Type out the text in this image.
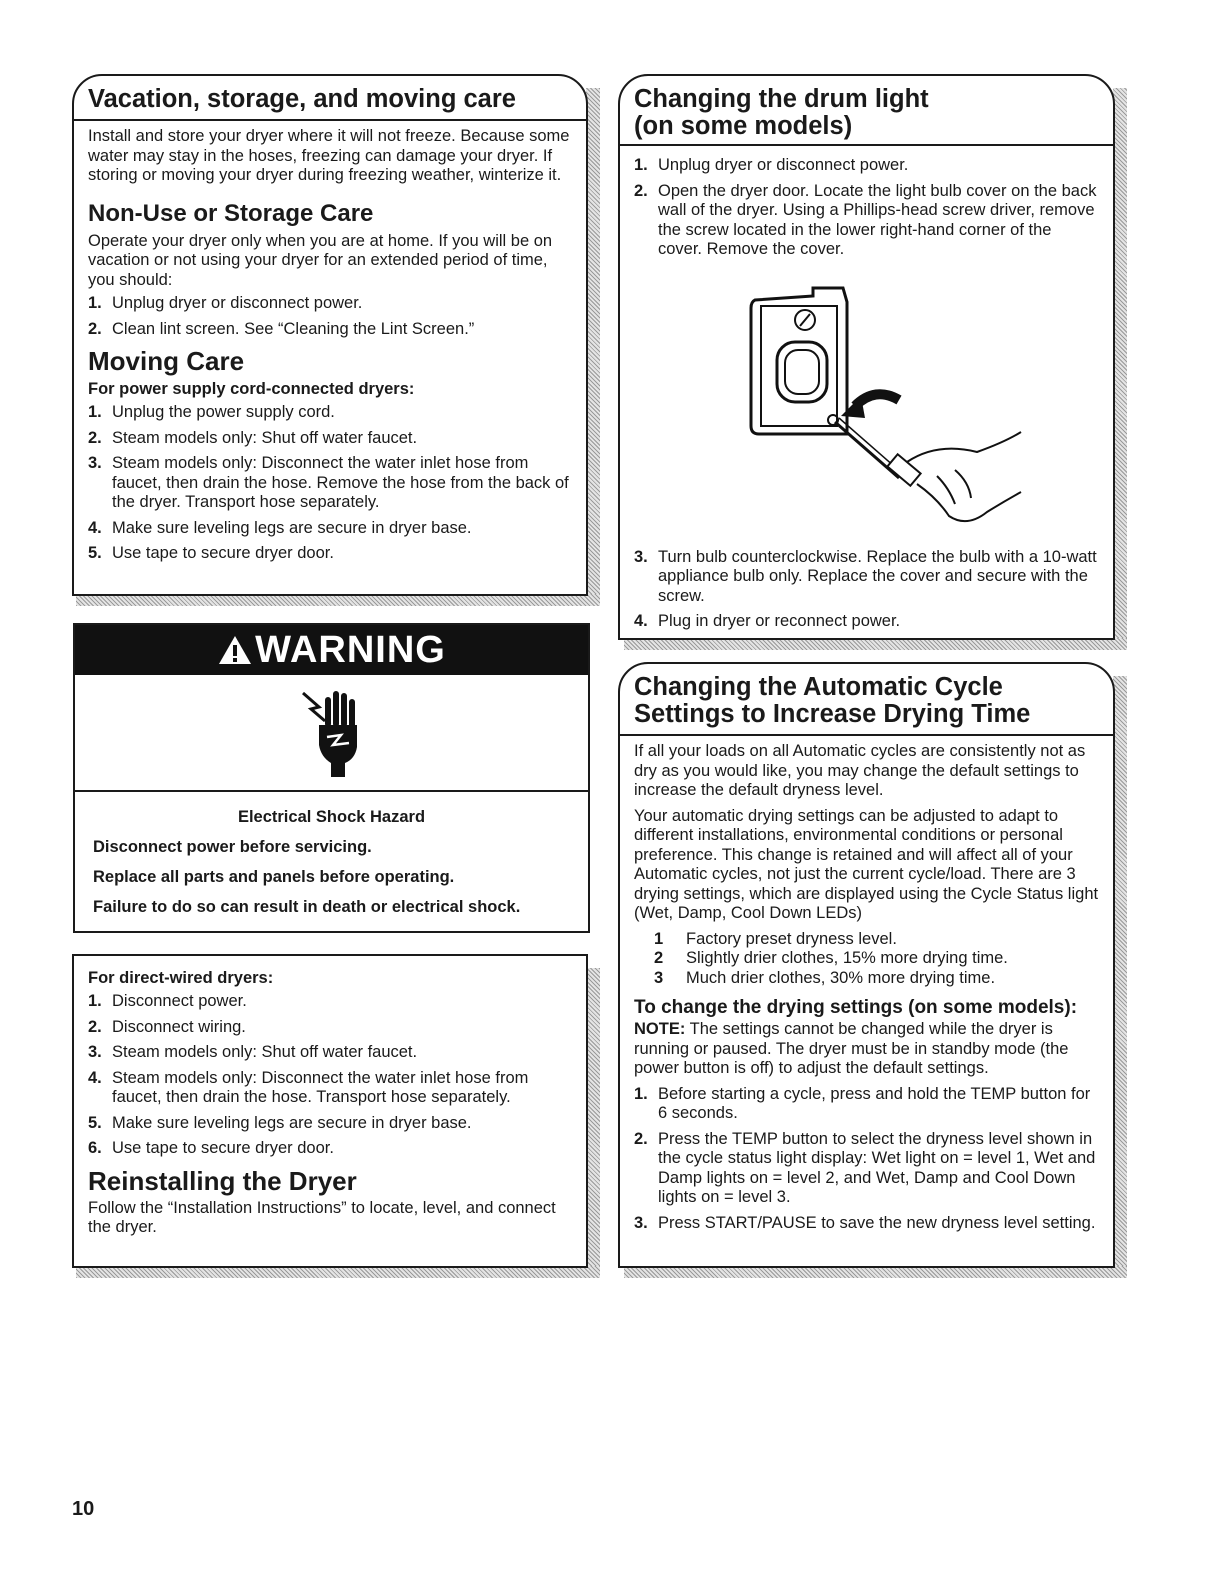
Vacation, storage, and moving care

Install and store your dryer where it will not freeze. Because some water may stay in the hoses, freezing can damage your dryer. If storing or moving your dryer during freezing weather, winterize it.

Non-Use or Storage Care

Operate your dryer only when you are at home. If you will be on vacation or not using your dryer for an extended period of time, you should:

1. Unplug dryer or disconnect power.
2. Clean lint screen. See “Cleaning the Lint Screen.”
Moving Care
For power supply cord-connected dryers:
1. Unplug the power supply cord.
2. Steam models only: Shut off water faucet.
3. Steam models only: Disconnect the water inlet hose from faucet, then drain the hose. Remove the hose from the back of the dryer. Transport hose separately.
4. Make sure leveling legs are secure in dryer base.
5. Use tape to secure dryer door.
WARNING
Electrical Shock Hazard
Disconnect power before servicing.
Replace all parts and panels before operating.
Failure to do so can result in death or electrical shock.
For direct-wired dryers:
1. Disconnect power.
2. Disconnect wiring.
3. Steam models only: Shut off water faucet.
4. Steam models only: Disconnect the water inlet hose from faucet, then drain the hose. Transport hose separately.
5. Make sure leveling legs are secure in dryer base.
6. Use tape to secure dryer door.
Reinstalling the Dryer

Follow the “Installation Instructions” to locate, level, and connect the dryer.

Changing the drum light
(on some models)
1. Unplug dryer or disconnect power.
2. Open the dryer door. Locate the light bulb cover on the back wall of the dryer. Using a Phillips-head screw driver, remove the screw located in the lower right-hand corner of the cover. Remove the cover.
3. Turn bulb counterclockwise. Replace the bulb with a 10-watt appliance bulb only. Replace the cover and secure with the screw.
4. Plug in dryer or reconnect power.
Changing the Automatic Cycle
Settings to Increase Drying Time

If all your loads on all Automatic cycles are consistently not as dry as you would like, you may change the default settings to increase the default dryness level.

Your automatic drying settings can be adjusted to adapt to different installations, environmental conditions or personal preference. This change is retained and will affect all of your Automatic cycles, not just the current cycle/load. There are 3 drying settings, which are displayed using the Cycle Status light (Wet, Damp, Cool Down LEDs)

1	Factory preset dryness level.
2	Slightly drier clothes, 15% more drying time.
3	Much drier clothes, 30% more drying time.
To change the drying settings (on some models):

NOTE: The settings cannot be changed while the dryer is running or paused. The dryer must be in standby mode (the power button is off) to adjust the default settings.

1. Before starting a cycle, press and hold the TEMP button for 6 seconds.
2. Press the TEMP button to select the dryness level shown in the cycle status light display: Wet light on = level 1, Wet and Damp lights on = level 2, and Wet, Damp and Cool Down lights on = level 3.
3. Press START/PAUSE to save the new dryness level setting.
10
